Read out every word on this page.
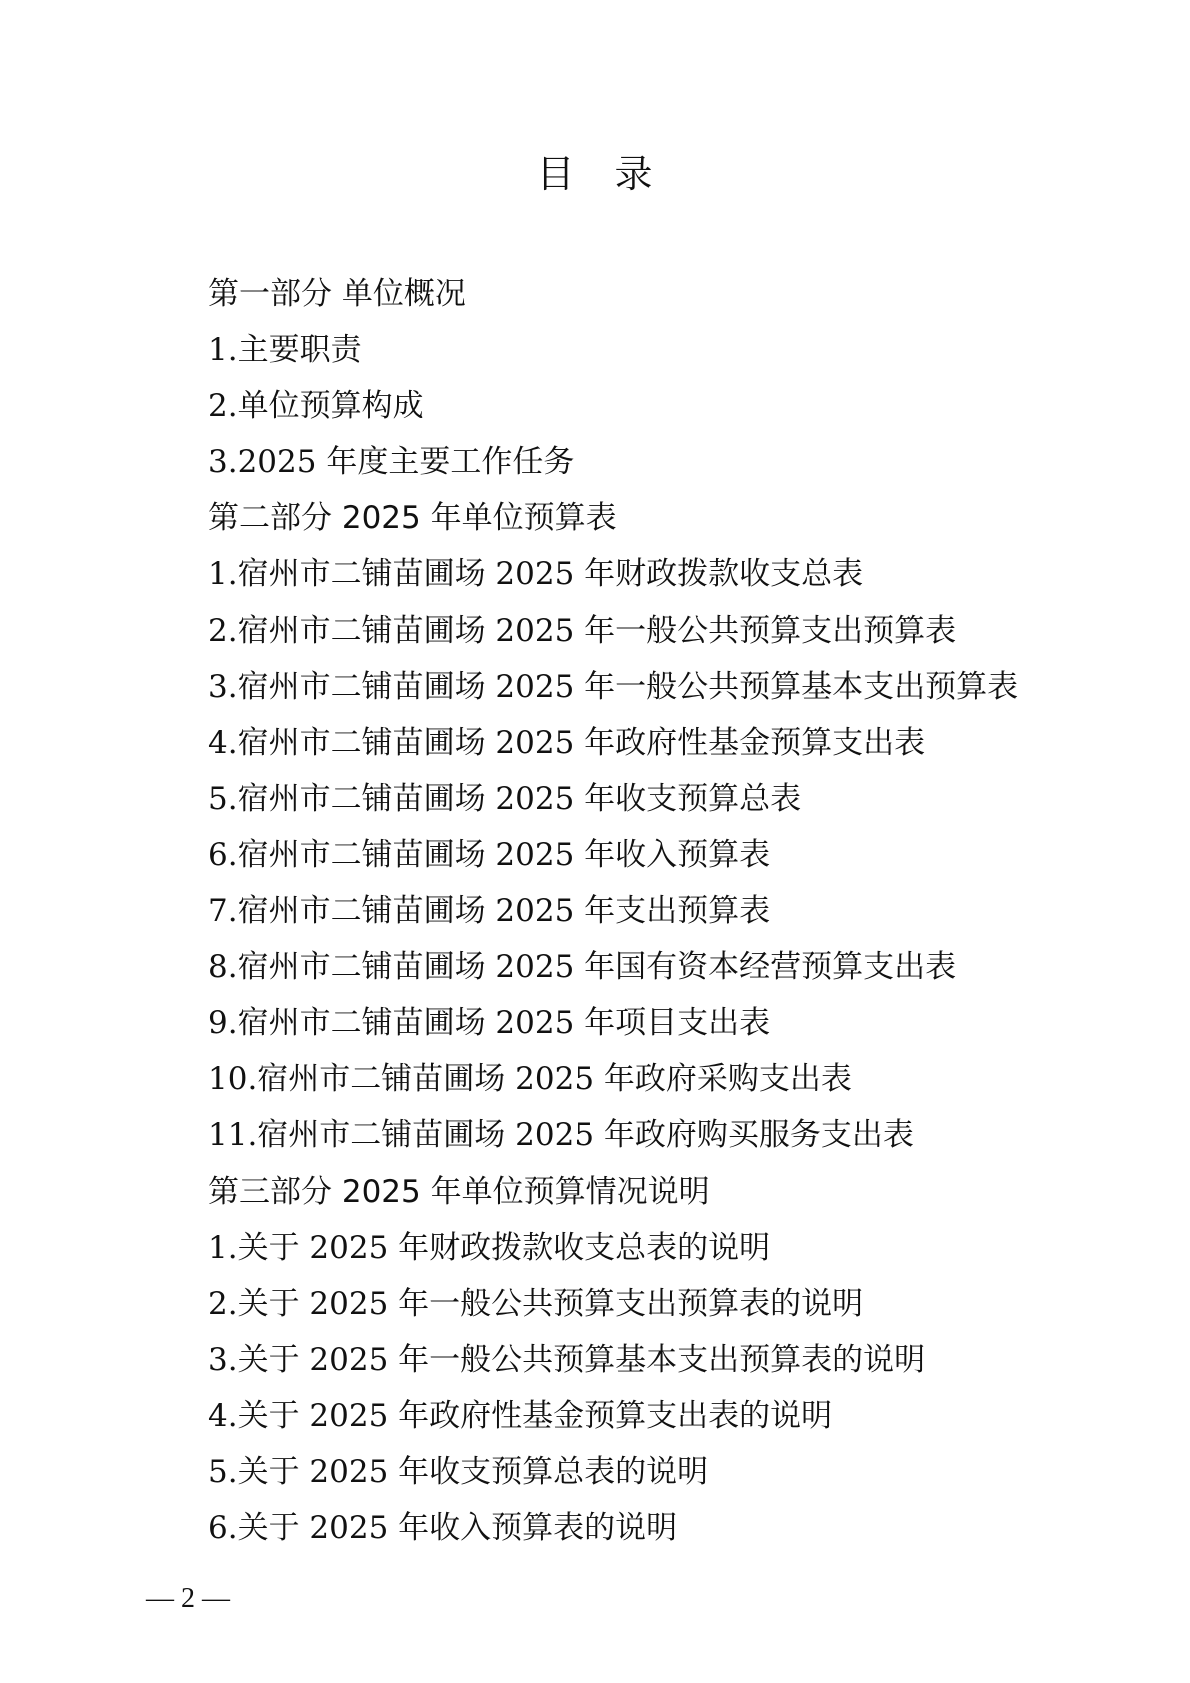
目　录
第一部分 单位概况
1.主要职责
2.单位预算构成
3.2025 年度主要工作任务
第二部分 2025 年单位预算表
1.宿州市二铺苗圃场 2025 年财政拨款收支总表
2.宿州市二铺苗圃场 2025 年一般公共预算支出预算表
3.宿州市二铺苗圃场 2025 年一般公共预算基本支出预算表
4.宿州市二铺苗圃场 2025 年政府性基金预算支出表
5.宿州市二铺苗圃场 2025 年收支预算总表
6.宿州市二铺苗圃场 2025 年收入预算表
7.宿州市二铺苗圃场 2025 年支出预算表
8.宿州市二铺苗圃场 2025 年国有资本经营预算支出表
9.宿州市二铺苗圃场 2025 年项目支出表
10.宿州市二铺苗圃场 2025 年政府采购支出表
11.宿州市二铺苗圃场 2025 年政府购买服务支出表
第三部分 2025 年单位预算情况说明
1.关于 2025 年财政拨款收支总表的说明
2.关于 2025 年一般公共预算支出预算表的说明
3.关于 2025 年一般公共预算基本支出预算表的说明
4.关于 2025 年政府性基金预算支出表的说明
5.关于 2025 年收支预算总表的说明
6.关于 2025 年收入预算表的说明
— 2 —
